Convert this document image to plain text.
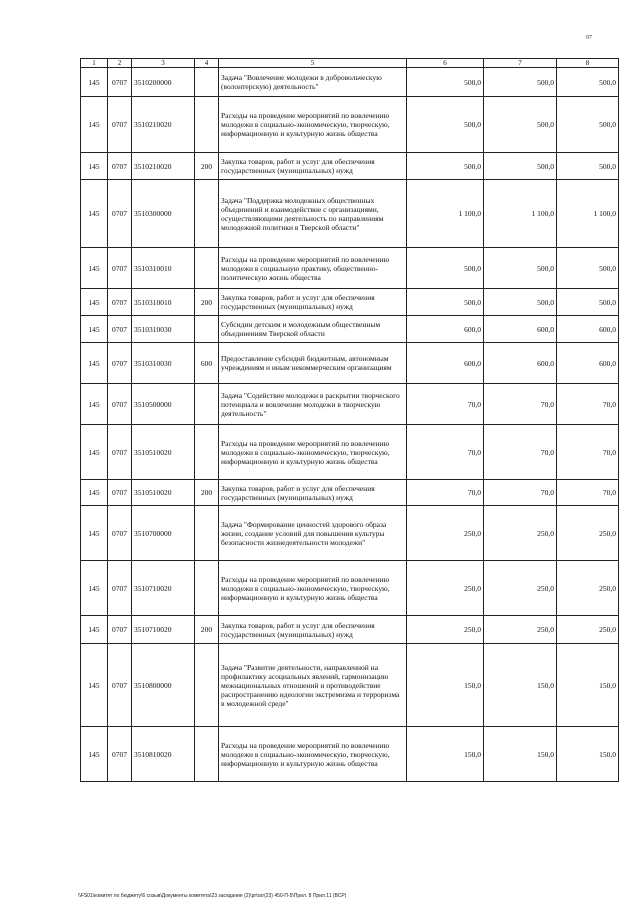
97
1	2	3	4	5	6	7	8
145	0707	3510200000		Задача "Вовлечение молодежи в добровольческую (волонтерскую) деятельность"	500,0	500,0	500,0
145	0707	3510210020		Расходы на проведение мероприятий по вовлечению молодежи в социально-экономическую, творческую, информационную и культурную жизнь общества	500,0	500,0	500,0
145	0707	3510210020	200	Закупка товаров, работ и услуг для обеспечения государственных (муниципальных) нужд	500,0	500,0	500,0
145	0707	3510300000		Задача "Поддержка молодежных общественных объединений и взаимодействие с организациями, осуществляющими деятельность по направлениям молодежной политики в Тверской области"	1 100,0	1 100,0	1 100,0
145	0707	3510310010		Расходы на проведение мероприятий по вовлечению молодежи в социальную практику, общественно-политическую жизнь общества	500,0	500,0	500,0
145	0707	3510310010	200	Закупка товаров, работ и услуг для обеспечения государственных (муниципальных) нужд	500,0	500,0	500,0
145	0707	3510310030		Субсидии детским и молодежным общественным объединениям Тверской области	600,0	600,0	600,0
145	0707	3510310030	600	Предоставление субсидий бюджетным, автономным учреждениям и иным некоммерческим организациям	600,0	600,0	600,0
145	0707	3510500000		Задача "Содействие молодежи в раскрытии творческого потенциала и вовлечение молодежи в творческую деятельность"	70,0	70,0	70,0
145	0707	3510510020		Расходы на проведение мероприятий по вовлечению молодежи в социально-экономическую, творческую, информационную и культурную жизнь общества	70,0	70,0	70,0
145	0707	3510510020	200	Закупка товаров, работ и услуг для обеспечения государственных (муниципальных) нужд	70,0	70,0	70,0
145	0707	3510700000		Задача "Формирование ценностей здорового образа жизни, создание условий для повышения культуры безопасности жизнедеятельности молодежи"	250,0	250,0	250,0
145	0707	3510710020		Расходы на проведение мероприятий по вовлечению молодежи в социально-экономическую, творческую, информационную и культурную жизнь общества	250,0	250,0	250,0
145	0707	3510710020	200	Закупка товаров, работ и услуг для обеспечения государственных (муниципальных) нужд	250,0	250,0	250,0
145	0707	3510800000		Задача "Развитие деятельности, направленной на профилактику асоциальных явлений, гармонизацию межнациональных отношений и противодействие распространению идеологии экстремизма и терроризма в молодежной среде"	150,0	150,0	150,0
145	0707	3510810020		Расходы на проведение мероприятий по вовлечению молодежи в социально-экономическую, творческую, информационную и культурную жизнь общества	150,0	150,0	150,0
\\FS01\комитет по бюджету\6 созыв\Документы комитета\23 заседание (2)\pr\ssr(23) 450-П-5\Прил. 8 Прил.11 (ВСР)
